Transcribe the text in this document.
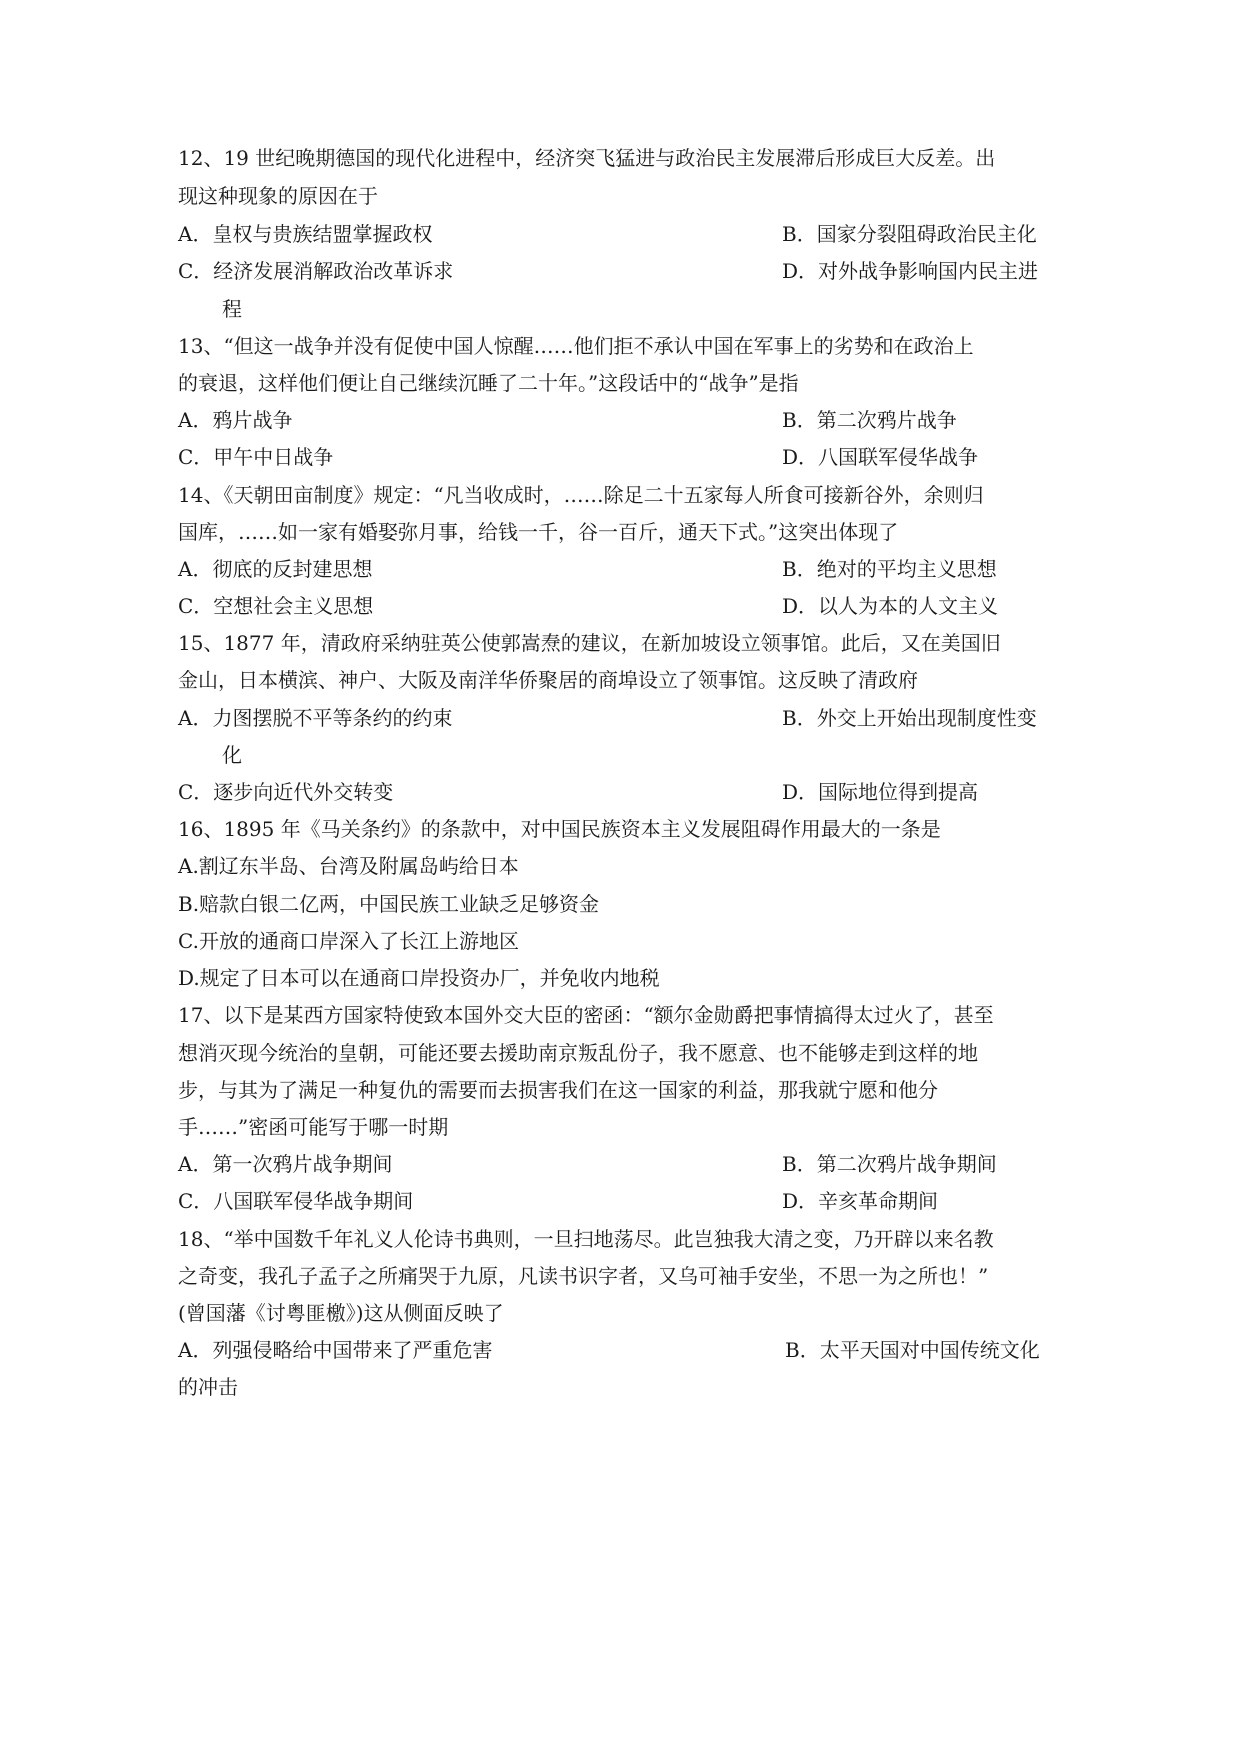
12、19 世纪晚期德国的现代化进程中，经济突飞猛进与政治民主发展滞后形成巨大反差。出
现这种现象的原因在于
A．皇权与贵族结盟掌握政权	B．国家分裂阻碍政治民主化
C．经济发展消解政治改革诉求	D．对外战争影响国内民主进
程
13、“但这一战争并没有促使中国人惊醒……他们拒不承认中国在军事上的劣势和在政治上
的衰退，这样他们便让自己继续沉睡了二十年。”这段话中的“战争”是指
A．鸦片战争	B．第二次鸦片战争
C．甲午中日战争	D．八国联军侵华战争
14、《天朝田亩制度》规定：“凡当收成时，……除足二十五家每人所食可接新谷外，余则归
国库，……如一家有婚娶弥月事，给钱一千，谷一百斤，通天下式。”这突出体现了
A．彻底的反封建思想	B．绝对的平均主义思想
C．空想社会主义思想	D．以人为本的人文主义
15、1877 年，清政府采纳驻英公使郭嵩焘的建议，在新加坡设立领事馆。此后，又在美国旧
金山，日本横滨、神户、大阪及南洋华侨聚居的商埠设立了领事馆。这反映了清政府
A．力图摆脱不平等条约的约束	B．外交上开始出现制度性变
化
C．逐步向近代外交转变	D．国际地位得到提高
16、1895 年《马关条约》的条款中，对中国民族资本主义发展阻碍作用最大的一条是
A.割辽东半岛、台湾及附属岛屿给日本
B.赔款白银二亿两，中国民族工业缺乏足够资金
C.开放的通商口岸深入了长江上游地区
D.规定了日本可以在通商口岸投资办厂，并免收内地税
17、以下是某西方国家特使致本国外交大臣的密函：“额尔金勋爵把事情搞得太过火了，甚至
想消灭现今统治的皇朝，可能还要去援助南京叛乱份子，我不愿意、也不能够走到这样的地
步，与其为了满足一种复仇的需要而去损害我们在这一国家的利益，那我就宁愿和他分
手……”密函可能写于哪一时期
A．第一次鸦片战争期间	B．第二次鸦片战争期间
C．八国联军侵华战争期间	D．辛亥革命期间
18、“举中国数千年礼义人伦诗书典则，一旦扫地荡尽。此岂独我大清之变，乃开辟以来名教
之奇变，我孔子孟子之所痛哭于九原，凡读书识字者，又乌可袖手安坐，不思一为之所也！”
(曾国藩《讨粤匪檄》)这从侧面反映了
A．列强侵略给中国带来了严重危害	B．太平天国对中国传统文化
的冲击
